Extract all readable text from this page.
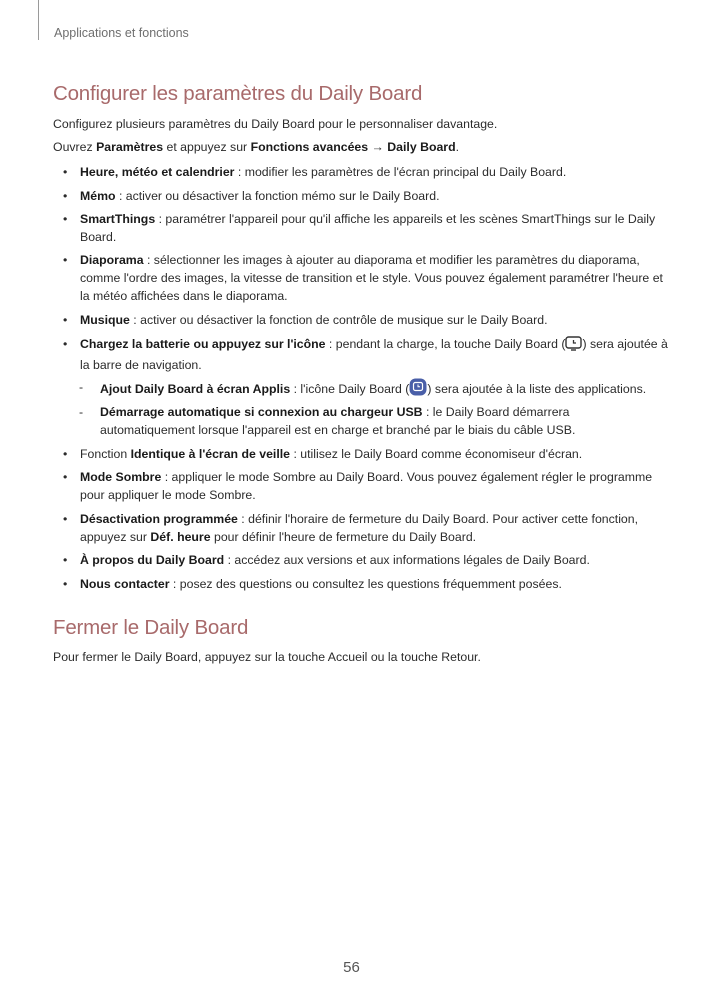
Applications et fonctions
Configurer les paramètres du Daily Board
Configurez plusieurs paramètres du Daily Board pour le personnaliser davantage.
Ouvrez Paramètres et appuyez sur Fonctions avancées → Daily Board.
• Heure, météo et calendrier : modifier les paramètres de l'écran principal du Daily Board.
• Mémo : activer ou désactiver la fonction mémo sur le Daily Board.
• SmartThings : paramétrer l'appareil pour qu'il affiche les appareils et les scènes SmartThings sur le Daily Board.
• Diaporama : sélectionner les images à ajouter au diaporama et modifier les paramètres du diaporama, comme l'ordre des images, la vitesse de transition et le style. Vous pouvez également paramétrer l'heure et la météo affichées dans le diaporama.
• Musique : activer ou désactiver la fonction de contrôle de musique sur le Daily Board.
• Chargez la batterie ou appuyez sur l'icône : pendant la charge, la touche Daily Board ( ) sera ajoutée à la barre de navigation.
- Ajout Daily Board à écran Applis : l'icône Daily Board ( ) sera ajoutée à la liste des applications.
- Démarrage automatique si connexion au chargeur USB : le Daily Board démarrera automatiquement lorsque l'appareil est en charge et branché par le biais du câble USB.
• Fonction Identique à l'écran de veille : utilisez le Daily Board comme économiseur d'écran.
• Mode Sombre : appliquer le mode Sombre au Daily Board. Vous pouvez également régler le programme pour appliquer le mode Sombre.
• Désactivation programmée : définir l'horaire de fermeture du Daily Board. Pour activer cette fonction, appuyez sur Déf. heure pour définir l'heure de fermeture du Daily Board.
• À propos du Daily Board : accédez aux versions et aux informations légales de Daily Board.
• Nous contacter : posez des questions ou consultez les questions fréquemment posées.
Fermer le Daily Board
Pour fermer le Daily Board, appuyez sur la touche Accueil ou la touche Retour.
56
